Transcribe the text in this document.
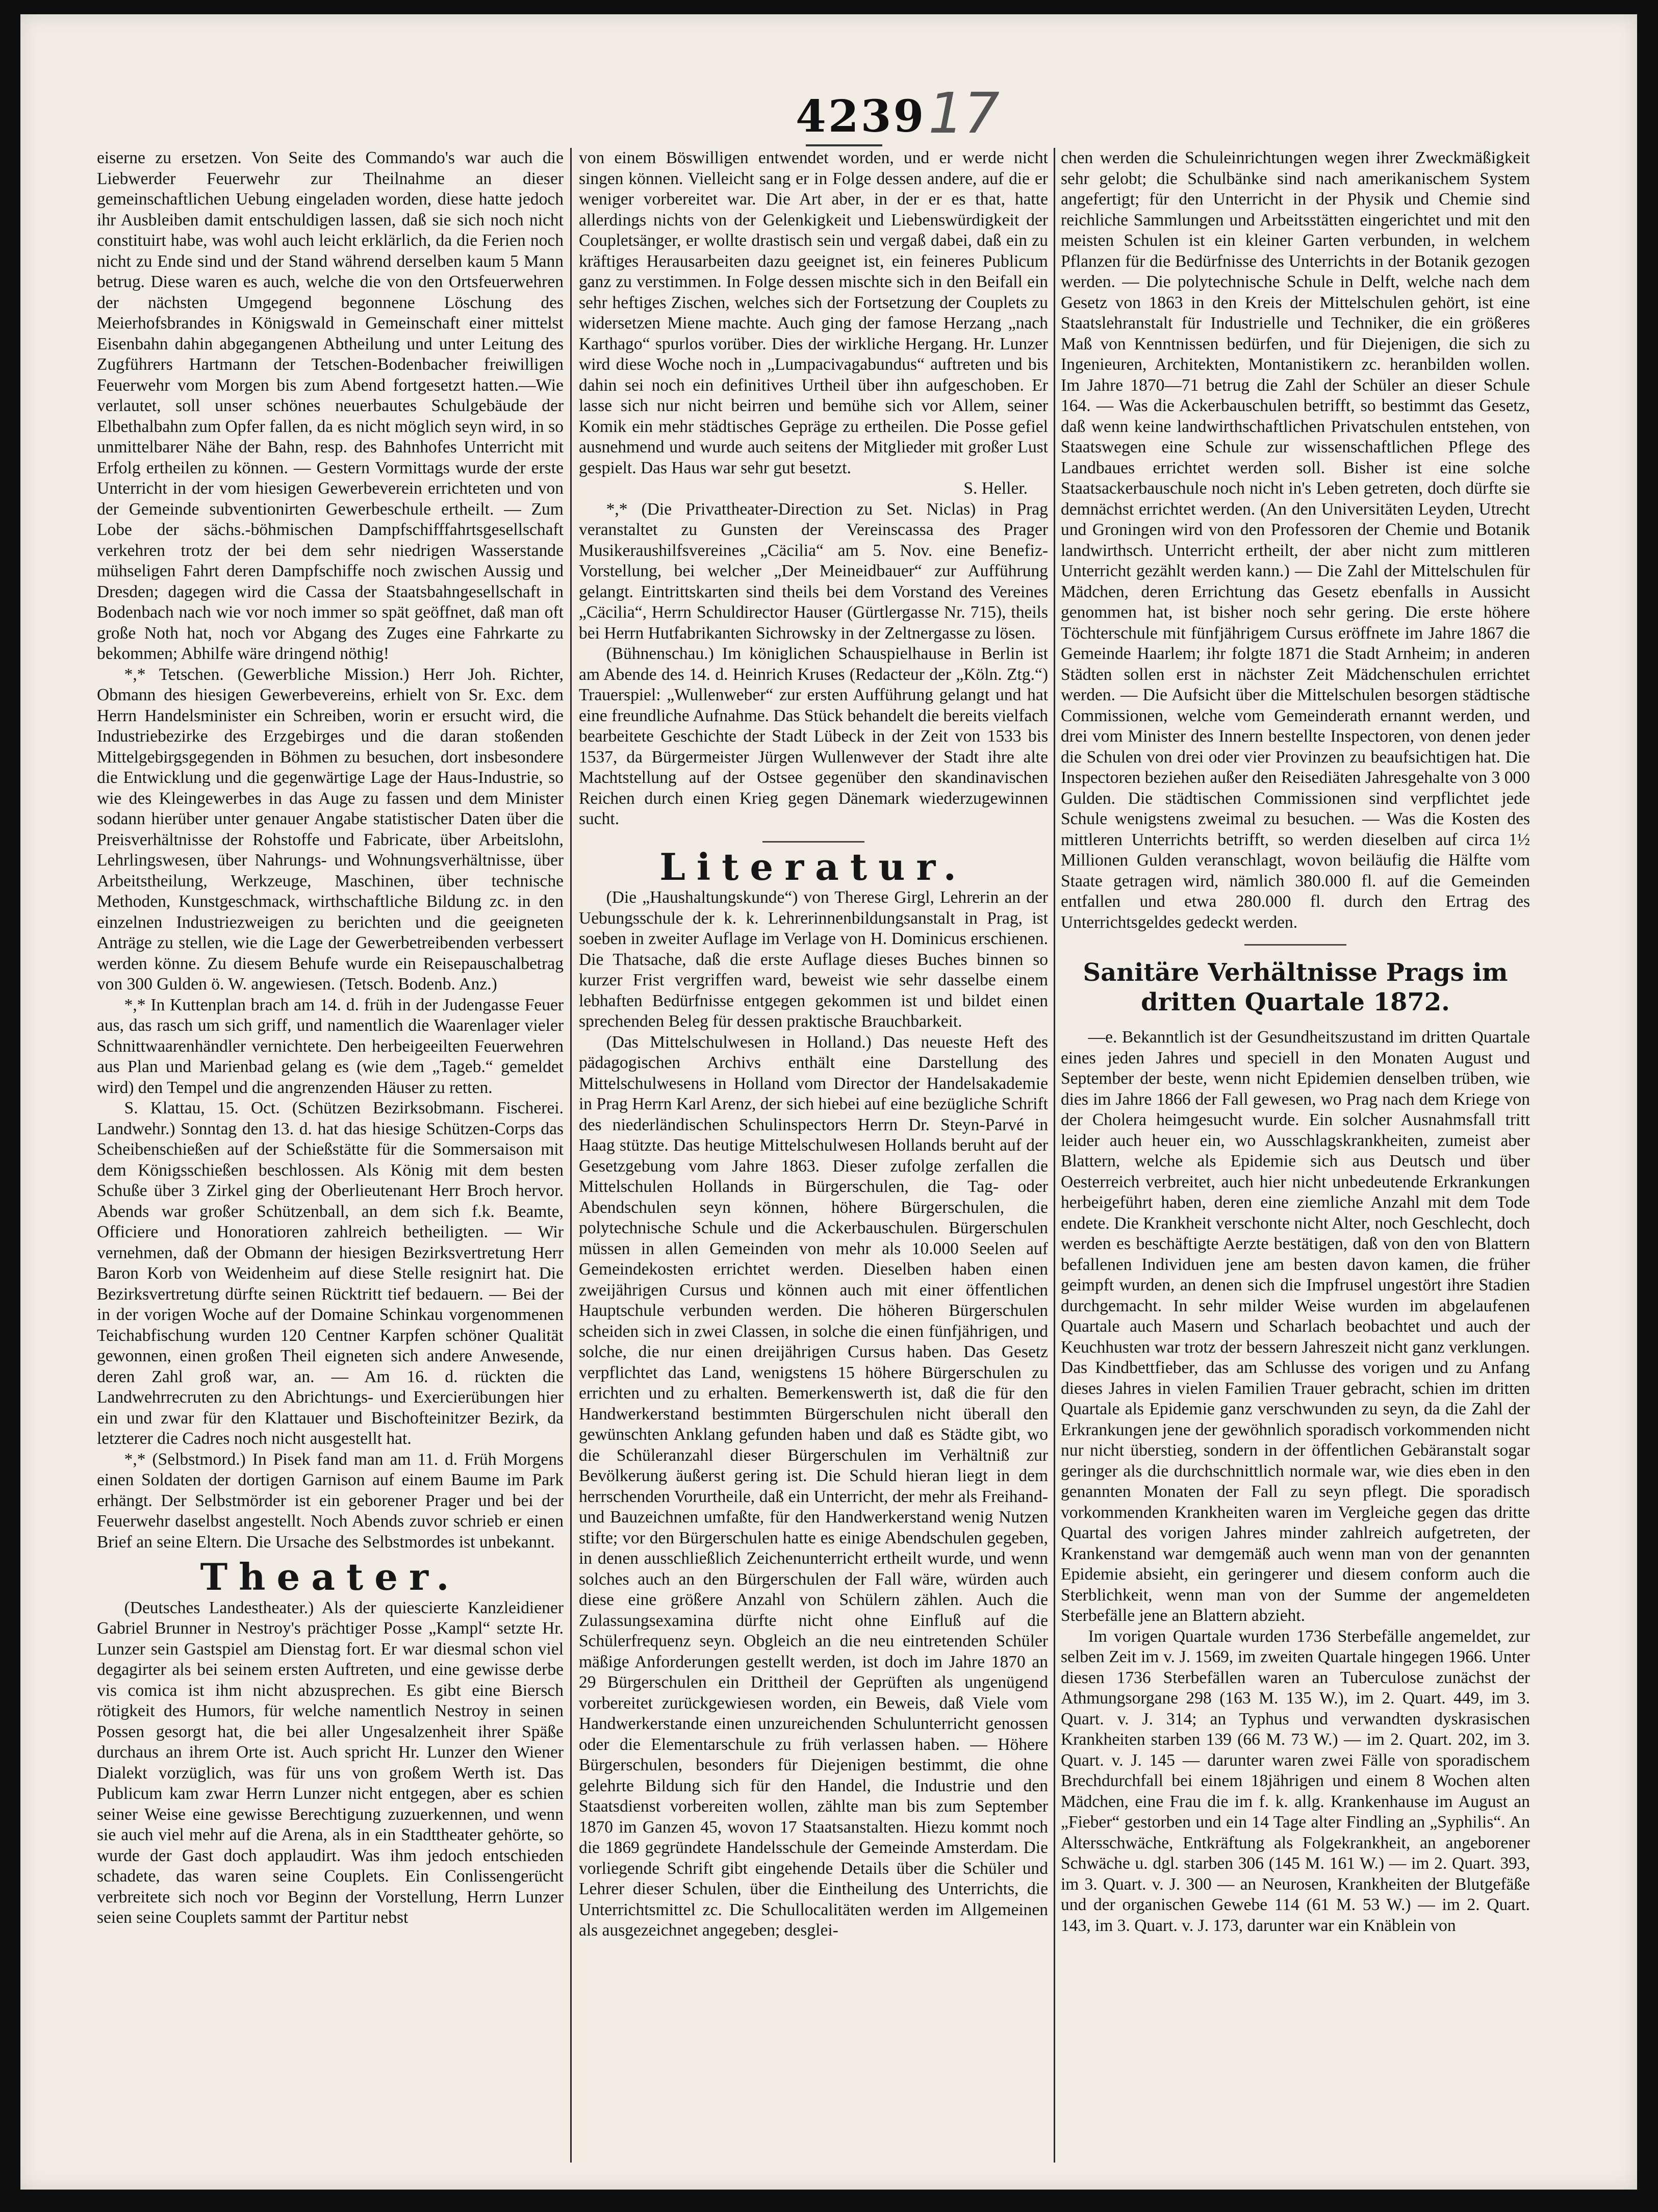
4239 17

eiserne zu ersetzen. Von Seite des Commando's war auch die Liebwerder Feuerwehr zur Theilnahme an dieser gemeinschaftlichen Uebung eingeladen worden, diese hatte jedoch ihr Ausbleiben damit entschuldigen lassen, daß sie sich noch nicht constituirt habe, was wohl auch leicht erklärlich, da die Ferien noch nicht zu Ende sind und der Stand während derselben kaum 5 Mann betrug. Diese waren es auch, welche die von den Ortsfeuerwehren der nächsten Umgegend begonnene Löschung des Meierhofsbrandes in Königswald in Gemeinschaft einer mittelst Eisenbahn dahin abgegangenen Abtheilung und unter Leitung des Zugführers Hartmann der Tetschen-Bodenbacher freiwilligen Feuerwehr vom Morgen bis zum Abend fortgesetzt hatten.—Wie verlautet, soll unser schönes neuerbautes Schulgebäude der Elbethalbahn zum Opfer fallen, da es nicht möglich seyn wird, in so unmittelbarer Nähe der Bahn, resp. des Bahnhofes Unterricht mit Erfolg ertheilen zu können. — Gestern Vormittags wurde der erste Unterricht in der vom hiesigen Gewerbeverein errichteten und von der Gemeinde subventionirten Gewerbeschule ertheilt. — Zum Lobe der sächs.-böhmischen Dampfschifffahrtsgesellschaft verkehren trotz der bei dem sehr niedrigen Wasserstande mühseligen Fahrt deren Dampfschiffe noch zwischen Aussig und Dresden; dagegen wird die Cassa der Staatsbahngesellschaft in Bodenbach nach wie vor noch immer so spät geöffnet, daß man oft große Noth hat, noch vor Abgang des Zuges eine Fahrkarte zu bekommen; Abhilfe wäre dringend nöthig!

*,* Tetschen. (Gewerbliche Mission.) Herr Joh. Richter, Obmann des hiesigen Gewerbevereins, erhielt von Sr. Exc. dem Herrn Handelsminister ein Schreiben, worin er ersucht wird, die Industriebezirke des Erzgebirges und die daran stoßenden Mittelgebirgsgegenden in Böhmen zu besuchen, dort insbesondere die Entwicklung und die gegenwärtige Lage der Haus-Industrie, so wie des Kleingewerbes in das Auge zu fassen und dem Minister sodann hierüber unter genauer Angabe statistischer Daten über die Preisverhältnisse der Rohstoffe und Fabricate, über Arbeitslohn, Lehrlingswesen, über Nahrungs- und Wohnungsverhältnisse, über Arbeitstheilung, Werkzeuge, Maschinen, über technische Methoden, Kunstgeschmack, wirthschaftliche Bildung zc. in den einzelnen Industriezweigen zu berichten und die geeigneten Anträge zu stellen, wie die Lage der Gewerbetreibenden verbessert werden könne. Zu diesem Behufe wurde ein Reisepauschalbetrag von 300 Gulden ö. W. angewiesen. (Tetsch. Bodenb. Anz.)

*,* In Kuttenplan brach am 14. d. früh in der Judengasse Feuer aus, das rasch um sich griff, und namentlich die Waarenlager vieler Schnittwaarenhändler vernichtete. Den herbeigeeilten Feuerwehren aus Plan und Marienbad gelang es (wie dem „Tageb.“ gemeldet wird) den Tempel und die angrenzenden Häuser zu retten.

S. Klattau, 15. Oct. (Schützen Bezirksobmann. Fischerei. Landwehr.) Sonntag den 13. d. hat das hiesige Schützen-Corps das Scheibenschießen auf der Schießstätte für die Sommersaison mit dem Königsschießen beschlossen. Als König mit dem besten Schuße über 3 Zirkel ging der Oberlieutenant Herr Broch hervor. Abends war großer Schützenball, an dem sich f.k. Beamte, Officiere und Honoratioren zahlreich betheiligten. — Wir vernehmen, daß der Obmann der hiesigen Bezirksvertretung Herr Baron Korb von Weidenheim auf diese Stelle resignirt hat. Die Bezirksvertretung dürfte seinen Rücktritt tief bedauern. — Bei der in der vorigen Woche auf der Domaine Schinkau vorgenommenen Teichabfischung wurden 120 Centner Karpfen schöner Qualität gewonnen, einen großen Theil eigneten sich andere Anwesende, deren Zahl groß war, an. — Am 16. d. rückten die Landwehrrecruten zu den Abrichtungs- und Exercierübungen hier ein und zwar für den Klattauer und Bischofteinitzer Bezirk, da letzterer die Cadres noch nicht ausgestellt hat.

*,* (Selbstmord.) In Pisek fand man am 11. d. Früh Morgens einen Soldaten der dortigen Garnison auf einem Baume im Park erhängt. Der Selbstmörder ist ein geborener Prager und bei der Feuerwehr daselbst angestellt. Noch Abends zuvor schrieb er einen Brief an seine Eltern. Die Ursache des Selbstmordes ist unbekannt.

Theater.

(Deutsches Landestheater.) Als der quiescierte Kanzleidiener Gabriel Brunner in Nestroy's prächtiger Posse „Kampl“ setzte Hr. Lunzer sein Gastspiel am Dienstag fort. Er war diesmal schon viel degagirter als bei seinem ersten Auftreten, und eine gewisse derbe vis comica ist ihm nicht abzusprechen. Es gibt eine Biersch rötigkeit des Humors, für welche namentlich Nestroy in seinen Possen gesorgt hat, die bei aller Ungesalzenheit ihrer Späße durchaus an ihrem Orte ist. Auch spricht Hr. Lunzer den Wiener Dialekt vorzüglich, was für uns von großem Werth ist. Das Publicum kam zwar Herrn Lunzer nicht entgegen, aber es schien seiner Weise eine gewisse Berechtigung zuzuerkennen, und wenn sie auch viel mehr auf die Arena, als in ein Stadttheater gehörte, so wurde der Gast doch applaudirt. Was ihm jedoch entschieden schadete, das waren seine Couplets. Ein Conlissengerücht verbreitete sich noch vor Beginn der Vorstellung, Herrn Lunzer seien seine Couplets sammt der Partitur nebst

von einem Böswilligen entwendet worden, und er werde nicht singen können. Vielleicht sang er in Folge dessen andere, auf die er weniger vorbereitet war. Die Art aber, in der er es that, hatte allerdings nichts von der Gelenkigkeit und Liebenswürdigkeit der Coupletsänger, er wollte drastisch sein und vergaß dabei, daß ein zu kräftiges Herausarbeiten dazu geeignet ist, ein feineres Publicum ganz zu verstimmen. In Folge dessen mischte sich in den Beifall ein sehr heftiges Zischen, welches sich der Fortsetzung der Couplets zu widersetzen Miene machte. Auch ging der famose Herzang „nach Karthago“ spurlos vorüber. Dies der wirkliche Hergang. Hr. Lunzer wird diese Woche noch in „Lumpacivagabundus“ auftreten und bis dahin sei noch ein definitives Urtheil über ihn aufgeschoben. Er lasse sich nur nicht beirren und bemühe sich vor Allem, seiner Komik ein mehr städtisches Gepräge zu ertheilen. Die Posse gefiel ausnehmend und wurde auch seitens der Mitglieder mit großer Lust gespielt. Das Haus war sehr gut besetzt.

S. Heller.

*,* (Die Privattheater-Direction zu Set. Niclas) in Prag veranstaltet zu Gunsten der Vereinscassa des Prager Musikeraushilfsvereines „Cäcilia“ am 5. Nov. eine Benefiz-Vorstellung, bei welcher „Der Meineidbauer“ zur Aufführung gelangt. Eintrittskarten sind theils bei dem Vorstand des Vereines „Cäcilia“, Herrn Schuldirector Hauser (Gürtlergasse Nr. 715), theils bei Herrn Hutfabrikanten Sichrowsky in der Zeltnergasse zu lösen.

(Bühnenschau.) Im königlichen Schauspielhause in Berlin ist am Abende des 14. d. Heinrich Kruses (Redacteur der „Köln. Ztg.“) Trauerspiel: „Wullenweber“ zur ersten Aufführung gelangt und hat eine freundliche Aufnahme. Das Stück behandelt die bereits vielfach bearbeitete Geschichte der Stadt Lübeck in der Zeit von 1533 bis 1537, da Bürgermeister Jürgen Wullenwever der Stadt ihre alte Machtstellung auf der Ostsee gegenüber den skandinavischen Reichen durch einen Krieg gegen Dänemark wiederzugewinnen sucht.

Literatur.

(Die „Haushaltungskunde“) von Therese Girgl, Lehrerin an der Uebungsschule der k. k. Lehrerinnenbildungsanstalt in Prag, ist soeben in zweiter Auflage im Verlage von H. Dominicus erschienen. Die Thatsache, daß die erste Auflage dieses Buches binnen so kurzer Frist vergriffen ward, beweist wie sehr dasselbe einem lebhaften Bedürfnisse entgegen gekommen ist und bildet einen sprechenden Beleg für dessen praktische Brauchbarkeit.

(Das Mittelschulwesen in Holland.) Das neueste Heft des pädagogischen Archivs enthält eine Darstellung des Mittelschulwesens in Holland vom Director der Handelsakademie in Prag Herrn Karl Arenz, der sich hiebei auf eine bezügliche Schrift des niederländischen Schulinspectors Herrn Dr. Steyn-Parvé in Haag stützte. Das heutige Mittelschulwesen Hollands beruht auf der Gesetzgebung vom Jahre 1863. Dieser zufolge zerfallen die Mittelschulen Hollands in Bürgerschulen, die Tag- oder Abendschulen seyn können, höhere Bürgerschulen, die polytechnische Schule und die Ackerbauschulen. Bürgerschulen müssen in allen Gemeinden von mehr als 10.000 Seelen auf Gemeindekosten errichtet werden. Dieselben haben einen zweijährigen Cursus und können auch mit einer öffentlichen Hauptschule verbunden werden. Die höheren Bürgerschulen scheiden sich in zwei Classen, in solche die einen fünfjährigen, und solche, die nur einen dreijährigen Cursus haben. Das Gesetz verpflichtet das Land, wenigstens 15 höhere Bürgerschulen zu errichten und zu erhalten. Bemerkenswerth ist, daß die für den Handwerkerstand bestimmten Bürgerschulen nicht überall den gewünschten Anklang gefunden haben und daß es Städte gibt, wo die Schüleranzahl dieser Bürgerschulen im Verhältniß zur Bevölkerung äußerst gering ist. Die Schuld hieran liegt in dem herrschenden Vorurtheile, daß ein Unterricht, der mehr als Freihand- und Bauzeichnen umfaßte, für den Handwerkerstand wenig Nutzen stifte; vor den Bürgerschulen hatte es einige Abendschulen gegeben, in denen ausschließlich Zeichenunterricht ertheilt wurde, und wenn solches auch an den Bürgerschulen der Fall wäre, würden auch diese eine größere Anzahl von Schülern zählen. Auch die Zulassungsexamina dürfte nicht ohne Einfluß auf die Schülerfrequenz seyn. Obgleich an die neu eintretenden Schüler mäßige Anforderungen gestellt werden, ist doch im Jahre 1870 an 29 Bürgerschulen ein Drittheil der Geprüften als ungenügend vorbereitet zurückgewiesen worden, ein Beweis, daß Viele vom Handwerkerstande einen unzureichenden Schulunterricht genossen oder die Elementarschule zu früh verlassen haben. — Höhere Bürgerschulen, besonders für Diejenigen bestimmt, die ohne gelehrte Bildung sich für den Handel, die Industrie und den Staatsdienst vorbereiten wollen, zählte man bis zum September 1870 im Ganzen 45, wovon 17 Staatsanstalten. Hiezu kommt noch die 1869 gegründete Handelsschule der Gemeinde Amsterdam. Die vorliegende Schrift gibt eingehende Details über die Schüler und Lehrer dieser Schulen, über die Eintheilung des Unterrichts, die Unterrichtsmittel zc. Die Schullocalitäten werden im Allgemeinen als ausgezeichnet angegeben; desglei-

chen werden die Schuleinrichtungen wegen ihrer Zweckmäßigkeit sehr gelobt; die Schulbänke sind nach amerikanischem System angefertigt; für den Unterricht in der Physik und Chemie sind reichliche Sammlungen und Arbeitsstätten eingerichtet und mit den meisten Schulen ist ein kleiner Garten verbunden, in welchem Pflanzen für die Bedürfnisse des Unterrichts in der Botanik gezogen werden. — Die polytechnische Schule in Delft, welche nach dem Gesetz von 1863 in den Kreis der Mittelschulen gehört, ist eine Staatslehranstalt für Industrielle und Techniker, die ein größeres Maß von Kenntnissen bedürfen, und für Diejenigen, die sich zu Ingenieuren, Architekten, Montanistikern zc. heranbilden wollen. Im Jahre 1870—71 betrug die Zahl der Schüler an dieser Schule 164. — Was die Ackerbauschulen betrifft, so bestimmt das Gesetz, daß wenn keine landwirthschaftlichen Privatschulen entstehen, von Staatswegen eine Schule zur wissenschaftlichen Pflege des Landbaues errichtet werden soll. Bisher ist eine solche Staatsackerbauschule noch nicht in's Leben getreten, doch dürfte sie demnächst errichtet werden. (An den Universitäten Leyden, Utrecht und Groningen wird von den Professoren der Chemie und Botanik landwirthsch. Unterricht ertheilt, der aber nicht zum mittleren Unterricht gezählt werden kann.) — Die Zahl der Mittelschulen für Mädchen, deren Errichtung das Gesetz ebenfalls in Aussicht genommen hat, ist bisher noch sehr gering. Die erste höhere Töchterschule mit fünfjährigem Cursus eröffnete im Jahre 1867 die Gemeinde Haarlem; ihr folgte 1871 die Stadt Arnheim; in anderen Städten sollen erst in nächster Zeit Mädchenschulen errichtet werden. — Die Aufsicht über die Mittelschulen besorgen städtische Commissionen, welche vom Gemeinderath ernannt werden, und drei vom Minister des Innern bestellte Inspectoren, von denen jeder die Schulen von drei oder vier Provinzen zu beaufsichtigen hat. Die Inspectoren beziehen außer den Reisediäten Jahresgehalte von 3 000 Gulden. Die städtischen Commissionen sind verpflichtet jede Schule wenigstens zweimal zu besuchen. — Was die Kosten des mittleren Unterrichts betrifft, so werden dieselben auf circa 1½ Millionen Gulden veranschlagt, wovon beiläufig die Hälfte vom Staate getragen wird, nämlich 380.000 fl. auf die Gemeinden entfallen und etwa 280.000 fl. durch den Ertrag des Unterrichtsgeldes gedeckt werden.

Sanitäre Verhältnisse Prags im dritten Quartale 1872.

—e. Bekanntlich ist der Gesundheitszustand im dritten Quartale eines jeden Jahres und speciell in den Monaten August und September der beste, wenn nicht Epidemien denselben trüben, wie dies im Jahre 1866 der Fall gewesen, wo Prag nach dem Kriege von der Cholera heimgesucht wurde. Ein solcher Ausnahmsfall tritt leider auch heuer ein, wo Ausschlagskrankheiten, zumeist aber Blattern, welche als Epidemie sich aus Deutsch und über Oesterreich verbreitet, auch hier nicht unbedeutende Erkrankungen herbeigeführt haben, deren eine ziemliche Anzahl mit dem Tode endete. Die Krankheit verschonte nicht Alter, noch Geschlecht, doch werden es beschäftigte Aerzte bestätigen, daß von den von Blattern befallenen Individuen jene am besten davon kamen, die früher geimpft wurden, an denen sich die Impfrusel ungestört ihre Stadien durchgemacht. In sehr milder Weise wurden im abgelaufenen Quartale auch Masern und Scharlach beobachtet und auch der Keuchhusten war trotz der bessern Jahreszeit nicht ganz verklungen. Das Kindbettfieber, das am Schlusse des vorigen und zu Anfang dieses Jahres in vielen Familien Trauer gebracht, schien im dritten Quartale als Epidemie ganz verschwunden zu seyn, da die Zahl der Erkrankungen jene der gewöhnlich sporadisch vorkommenden nicht nur nicht überstieg, sondern in der öffentlichen Gebäranstalt sogar geringer als die durchschnittlich normale war, wie dies eben in den genannten Monaten der Fall zu seyn pflegt. Die sporadisch vorkommenden Krankheiten waren im Vergleiche gegen das dritte Quartal des vorigen Jahres minder zahlreich aufgetreten, der Krankenstand war demgemäß auch wenn man von der genannten Epidemie absieht, ein geringerer und diesem conform auch die Sterblichkeit, wenn man von der Summe der angemeldeten Sterbefälle jene an Blattern abzieht.

Im vorigen Quartale wurden 1736 Sterbefälle angemeldet, zur selben Zeit im v. J. 1569, im zweiten Quartale hingegen 1966. Unter diesen 1736 Sterbefällen waren an Tuberculose zunächst der Athmungsorgane 298 (163 M. 135 W.), im 2. Quart. 449, im 3. Quart. v. J. 314; an Typhus und verwandten dyskrasischen Krankheiten starben 139 (66 M. 73 W.) — im 2. Quart. 202, im 3. Quart. v. J. 145 — darunter waren zwei Fälle von sporadischem Brechdurchfall bei einem 18jährigen und einem 8 Wochen alten Mädchen, eine Frau die im f. k. allg. Krankenhause im August an „Fieber“ gestorben und ein 14 Tage alter Findling an „Syphilis“. An Altersschwäche, Entkräftung als Folgekrankheit, an angeborener Schwäche u. dgl. starben 306 (145 M. 161 W.) — im 2. Quart. 393, im 3. Quart. v. J. 300 — an Neurosen, Krankheiten der Blutgefäße und der organischen Gewebe 114 (61 M. 53 W.) — im 2. Quart. 143, im 3. Quart. v. J. 173, darunter war ein Knäblein von
